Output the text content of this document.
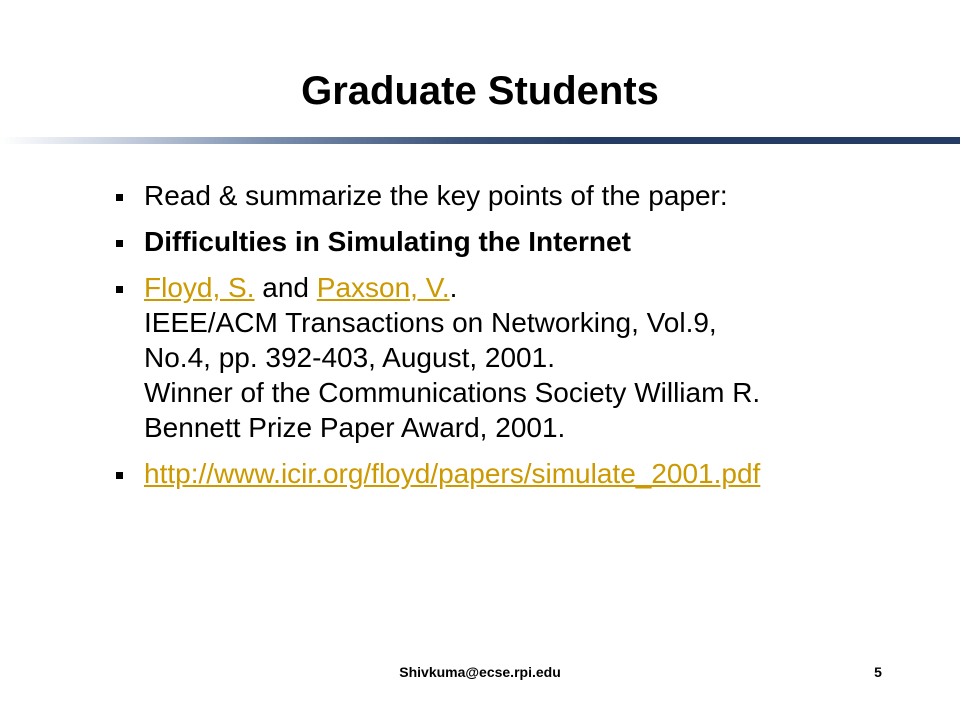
Graduate Students
Read & summarize the key points of the paper:
Difficulties in Simulating the Internet
Floyd, S. and Paxson, V..
IEEE/ACM Transactions on Networking, Vol.9,
No.4, pp. 392-403, August, 2001.
Winner of the Communications Society William R.
Bennett Prize Paper Award, 2001.
http://www.icir.org/floyd/papers/simulate_2001.pdf
Shivkuma@ecse.rpi.edu	5
